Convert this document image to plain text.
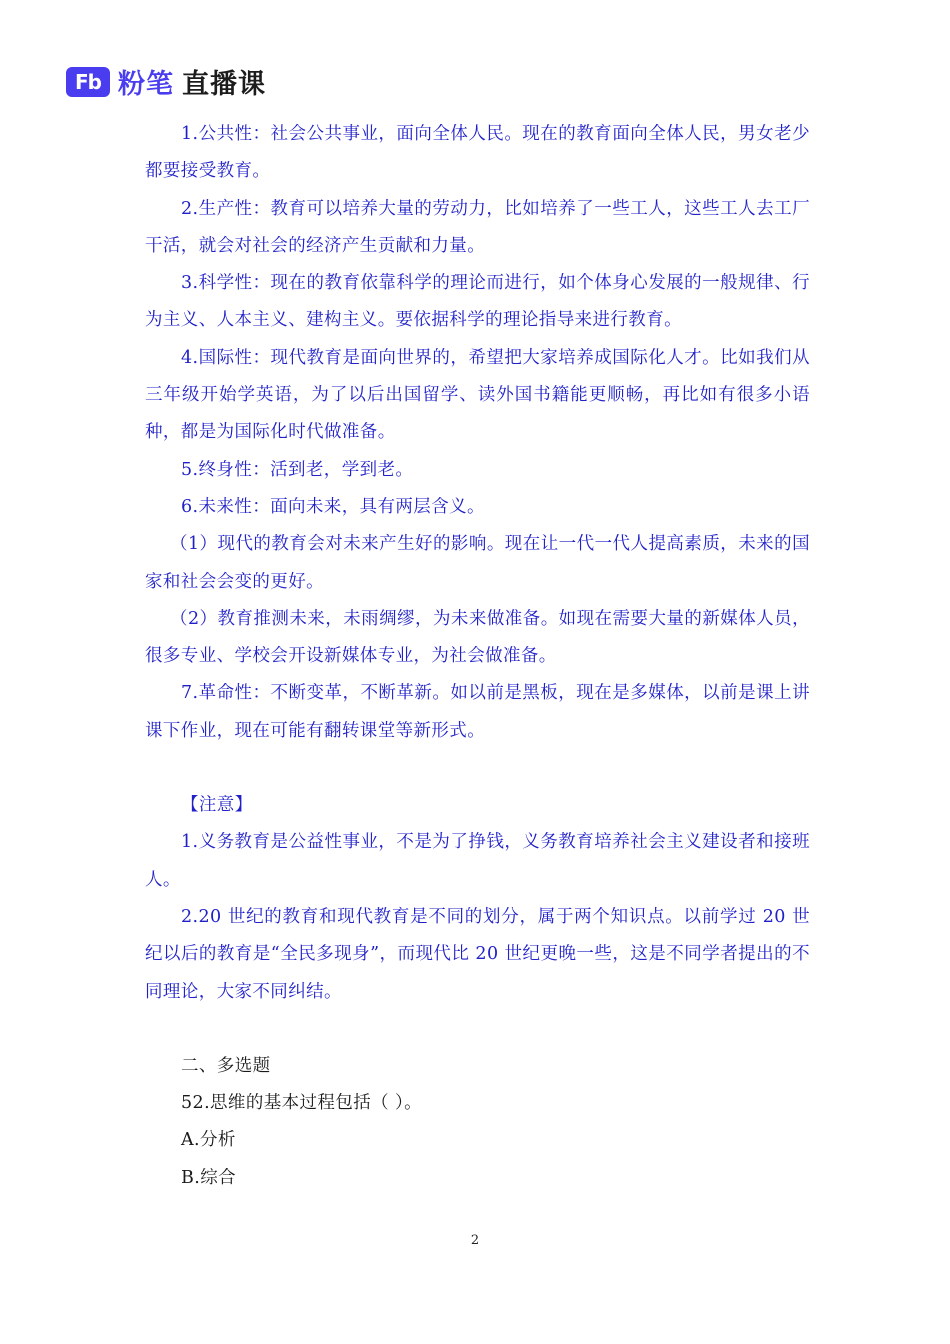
Fb 粉笔 直播课

1.公共性：社会公共事业，面向全体人民。现在的教育面向全体人民，男女老少都要接受教育。

2.生产性：教育可以培养大量的劳动力，比如培养了一些工人，这些工人去工厂干活，就会对社会的经济产生贡献和力量。

3.科学性：现在的教育依靠科学的理论而进行，如个体身心发展的一般规律、行为主义、人本主义、建构主义。要依据科学的理论指导来进行教育。

4.国际性：现代教育是面向世界的，希望把大家培养成国际化人才。比如我们从三年级开始学英语，为了以后出国留学、读外国书籍能更顺畅，再比如有很多小语种，都是为国际化时代做准备。

5.终身性：活到老，学到老。

6.未来性：面向未来，具有两层含义。

（1）现代的教育会对未来产生好的影响。现在让一代一代人提高素质，未来的国家和社会会变的更好。

（2）教育推测未来，未雨绸缪，为未来做准备。如现在需要大量的新媒体人员，很多专业、学校会开设新媒体专业，为社会做准备。

7.革命性：不断变革，不断革新。如以前是黑板，现在是多媒体，以前是课上讲课下作业，现在可能有翻转课堂等新形式。

【注意】

1.义务教育是公益性事业，不是为了挣钱，义务教育培养社会主义建设者和接班人。

2.20 世纪的教育和现代教育是不同的划分，属于两个知识点。以前学过 20 世纪以后的教育是“全民多现身”，而现代比 20 世纪更晚一些，这是不同学者提出的不同理论，大家不同纠结。

二、多选题

52.思维的基本过程包括（ ）。

A.分析

B.综合

2
